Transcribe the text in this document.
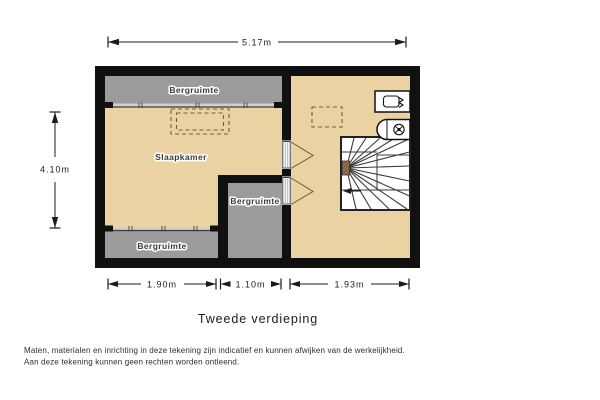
5.17m
4.10m
Bergruimte
Slaapkamer
Bergruimte
Bergruimte
1.90m	1.10m	1.93m
Tweede verdieping
Maten, materialen en inrichting in deze tekening zijn indicatief en kunnen afwijken van de werkelijkheid.
Aan deze tekening kunnen geen rechten worden ontleend.
